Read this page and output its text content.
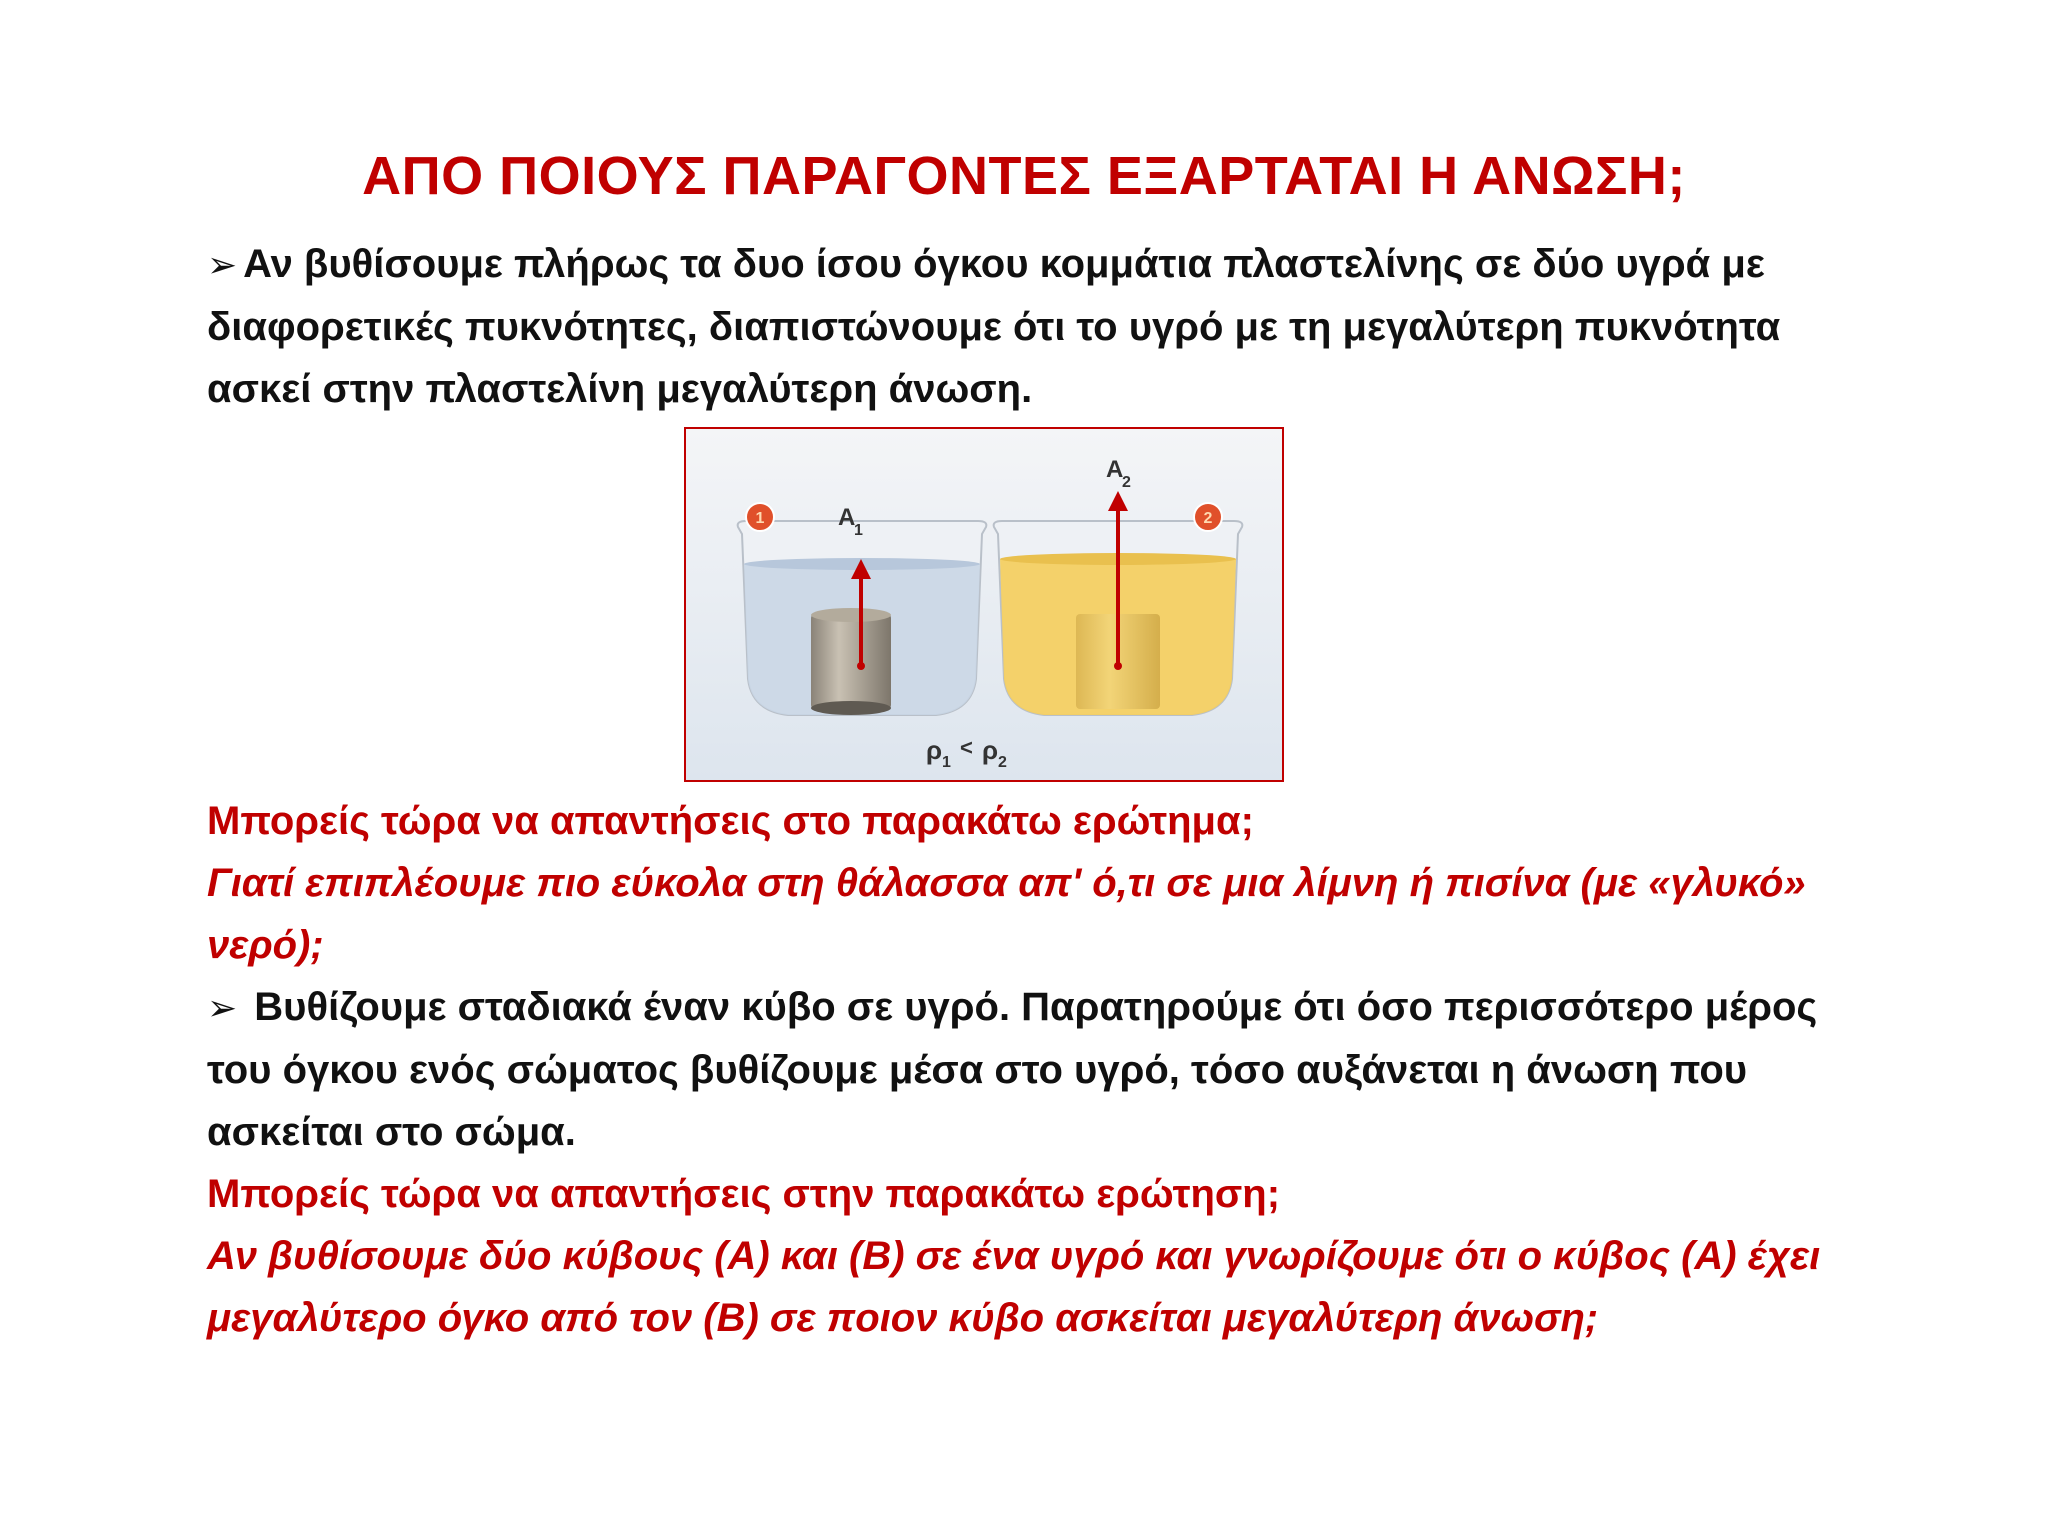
ΑΠΟ ΠΟΙΟΥΣ ΠΑΡΑΓΟΝΤΕΣ ΕΞΑΡΤΑΤΑΙ Η ΑΝΩΣΗ;
➢ Αν βυθίσουμε πλήρως τα δυο ίσου όγκου κομμάτια πλαστελίνης σε δύο υγρά με διαφορετικές πυκνότητες, διαπιστώνουμε ότι το υγρό με τη μεγαλύτερη πυκνότητα ασκεί στην πλαστελίνη μεγαλύτερη άνωση.
1	2
A
1
A
2
ρ 1
< ρ 2
Μπορείς τώρα να απαντήσεις στο παρακάτω ερώτημα;
Γιατί επιπλέουμε πιο εύκολα στη θάλασσα απ' ό,τι σε μια λίμνη ή πισίνα (με «γλυκό» νερό);
➢ Βυθίζουμε σταδιακά έναν κύβο σε υγρό. Παρατηρούμε ότι όσο περισσότερο μέρος του όγκου ενός σώματος βυθίζουμε μέσα στο υγρό, τόσο αυξάνεται η άνωση που ασκείται στο σώμα.
Μπορείς τώρα να απαντήσεις στην παρακάτω ερώτηση;
Αν βυθίσουμε δύο κύβους (Α) και (Β) σε ένα υγρό και γνωρίζουμε ότι ο κύβος (Α) έχει μεγαλύτερο όγκο από τον (Β) σε ποιον κύβο ασκείται μεγαλύτερη άνωση;
